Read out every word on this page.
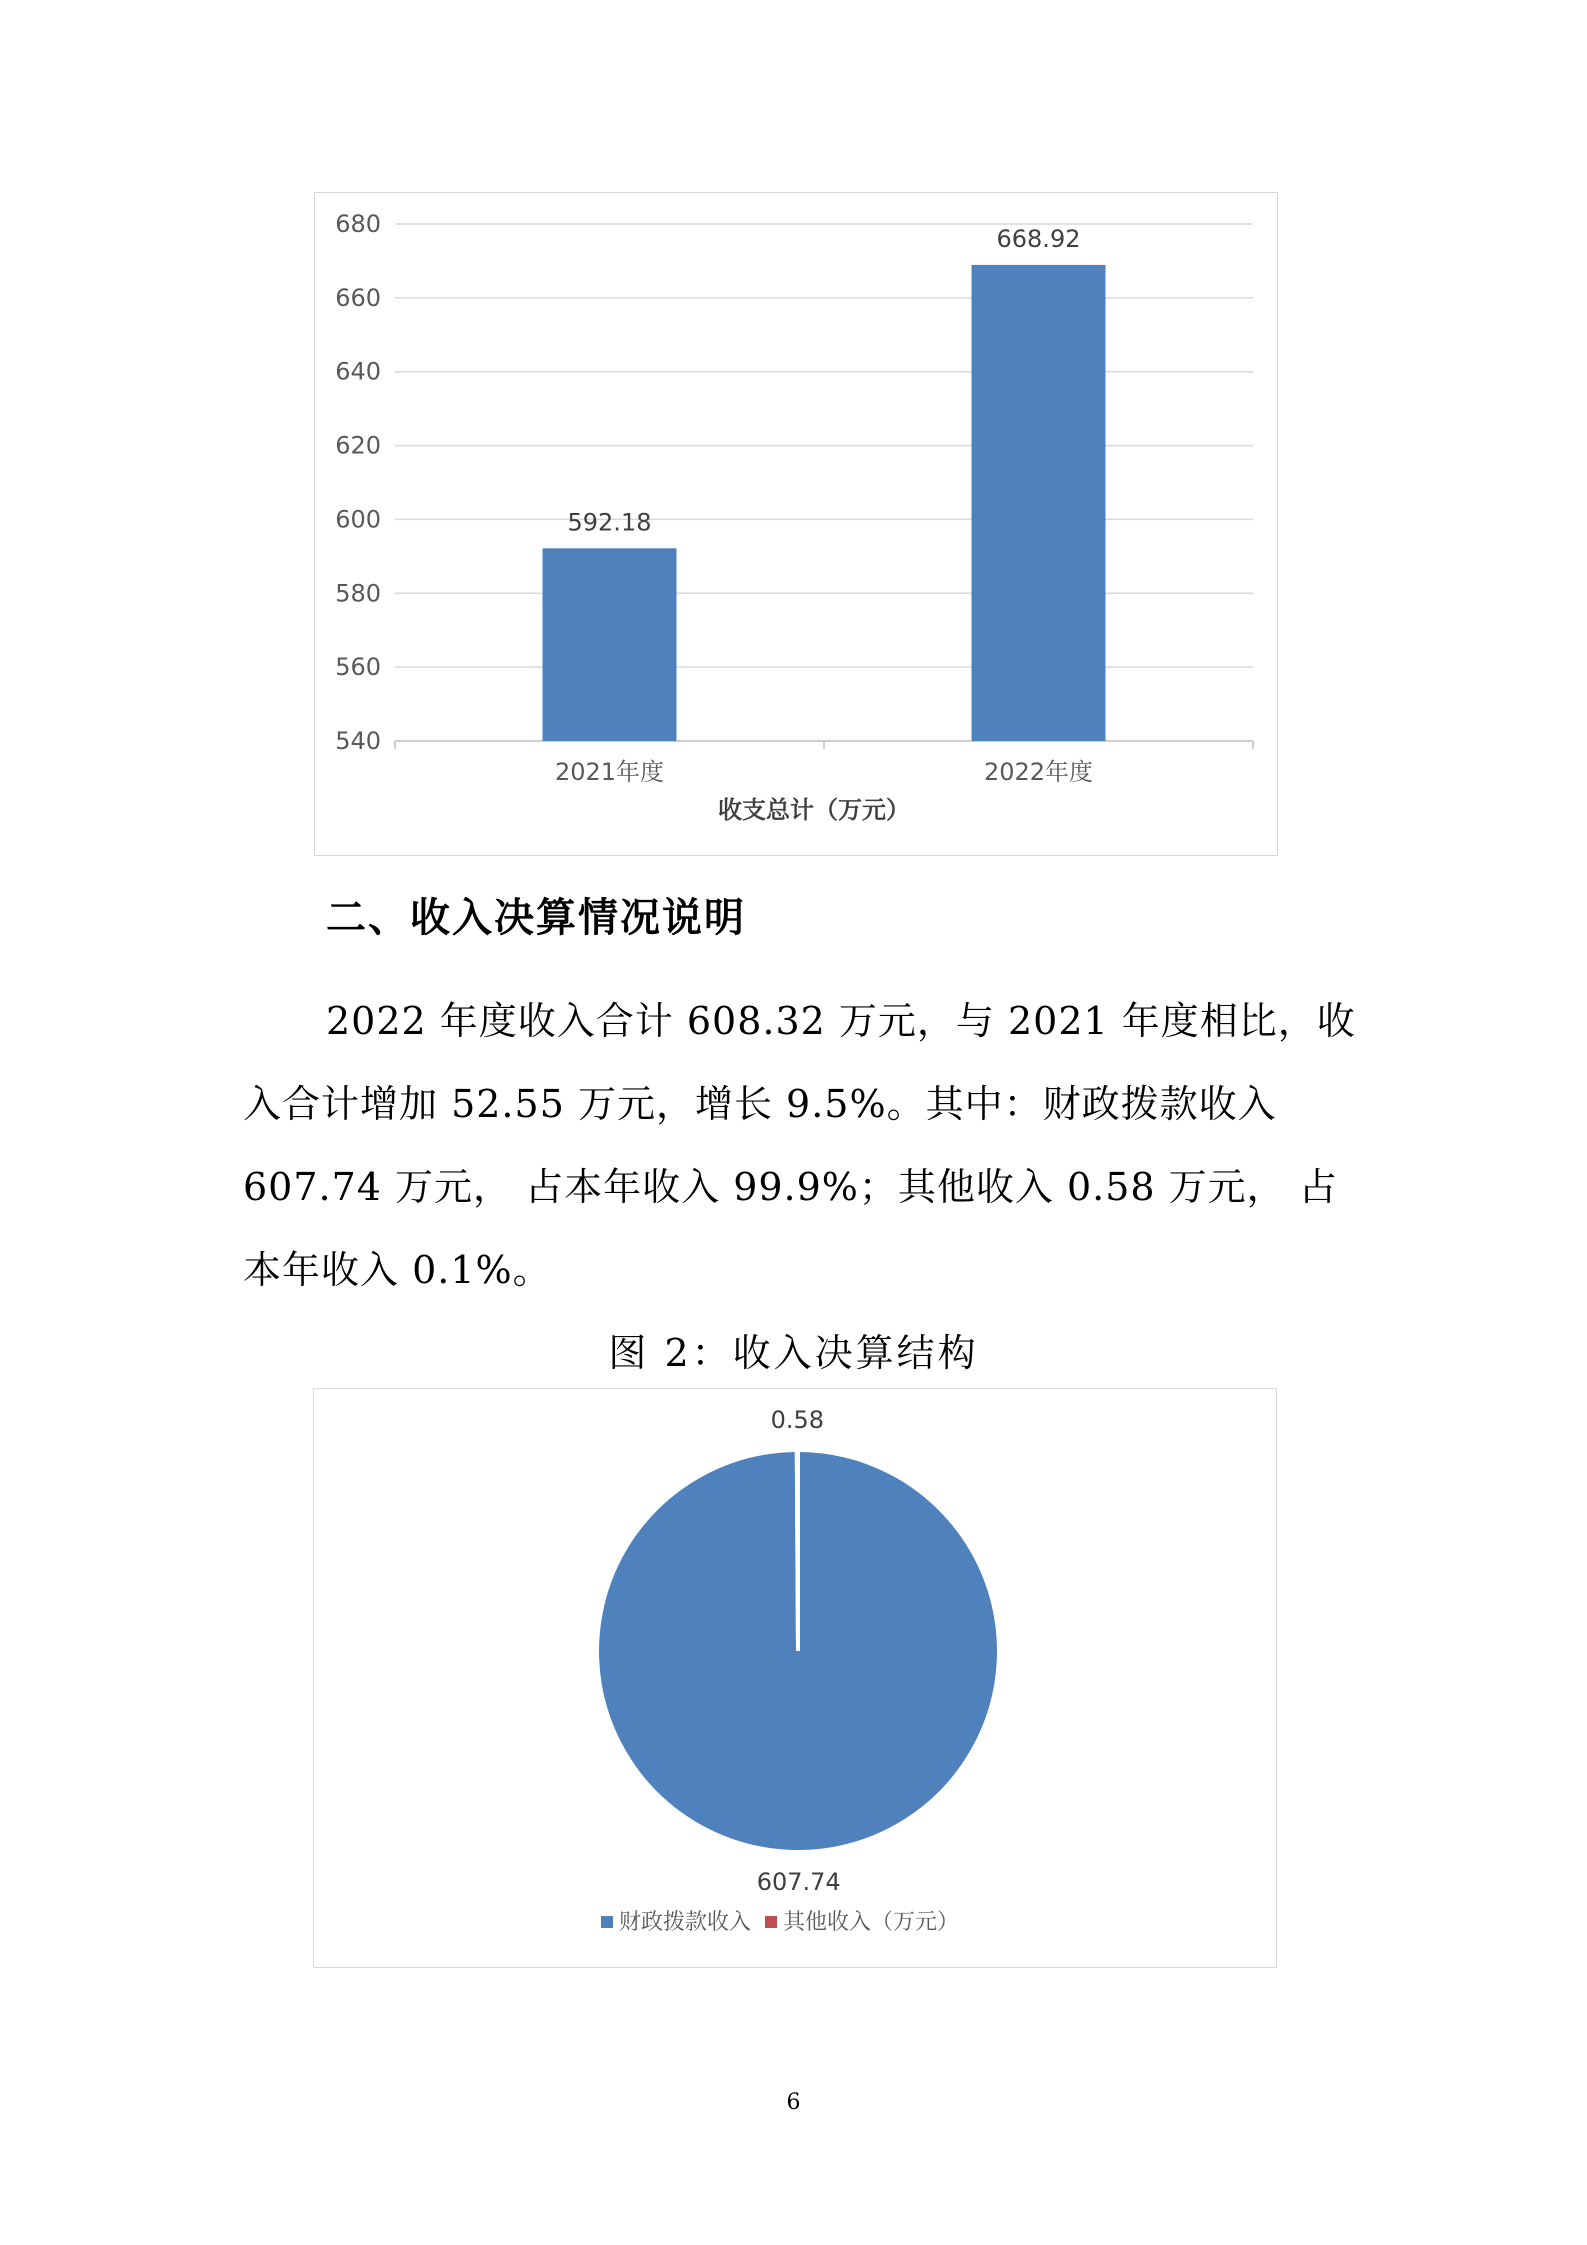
540
560
580
600
620
640
660
680
592.18
2021年度
668.92
2022年度
收支总计（万元）
二、收入决算情况说明
2022 年度收入合计 608.32 万元，与 2021 年度相比，收
入合计增加 52.55 万元，增长 9.5%。其中：财政拨款收入
607.74 万元， 占本年收入 99.9%；其他收入 0.58 万元， 占
本年收入 0.1%。
图 2：收入决算结构
607.74
0.58
财政拨款收入 其他收入（万元）
6
